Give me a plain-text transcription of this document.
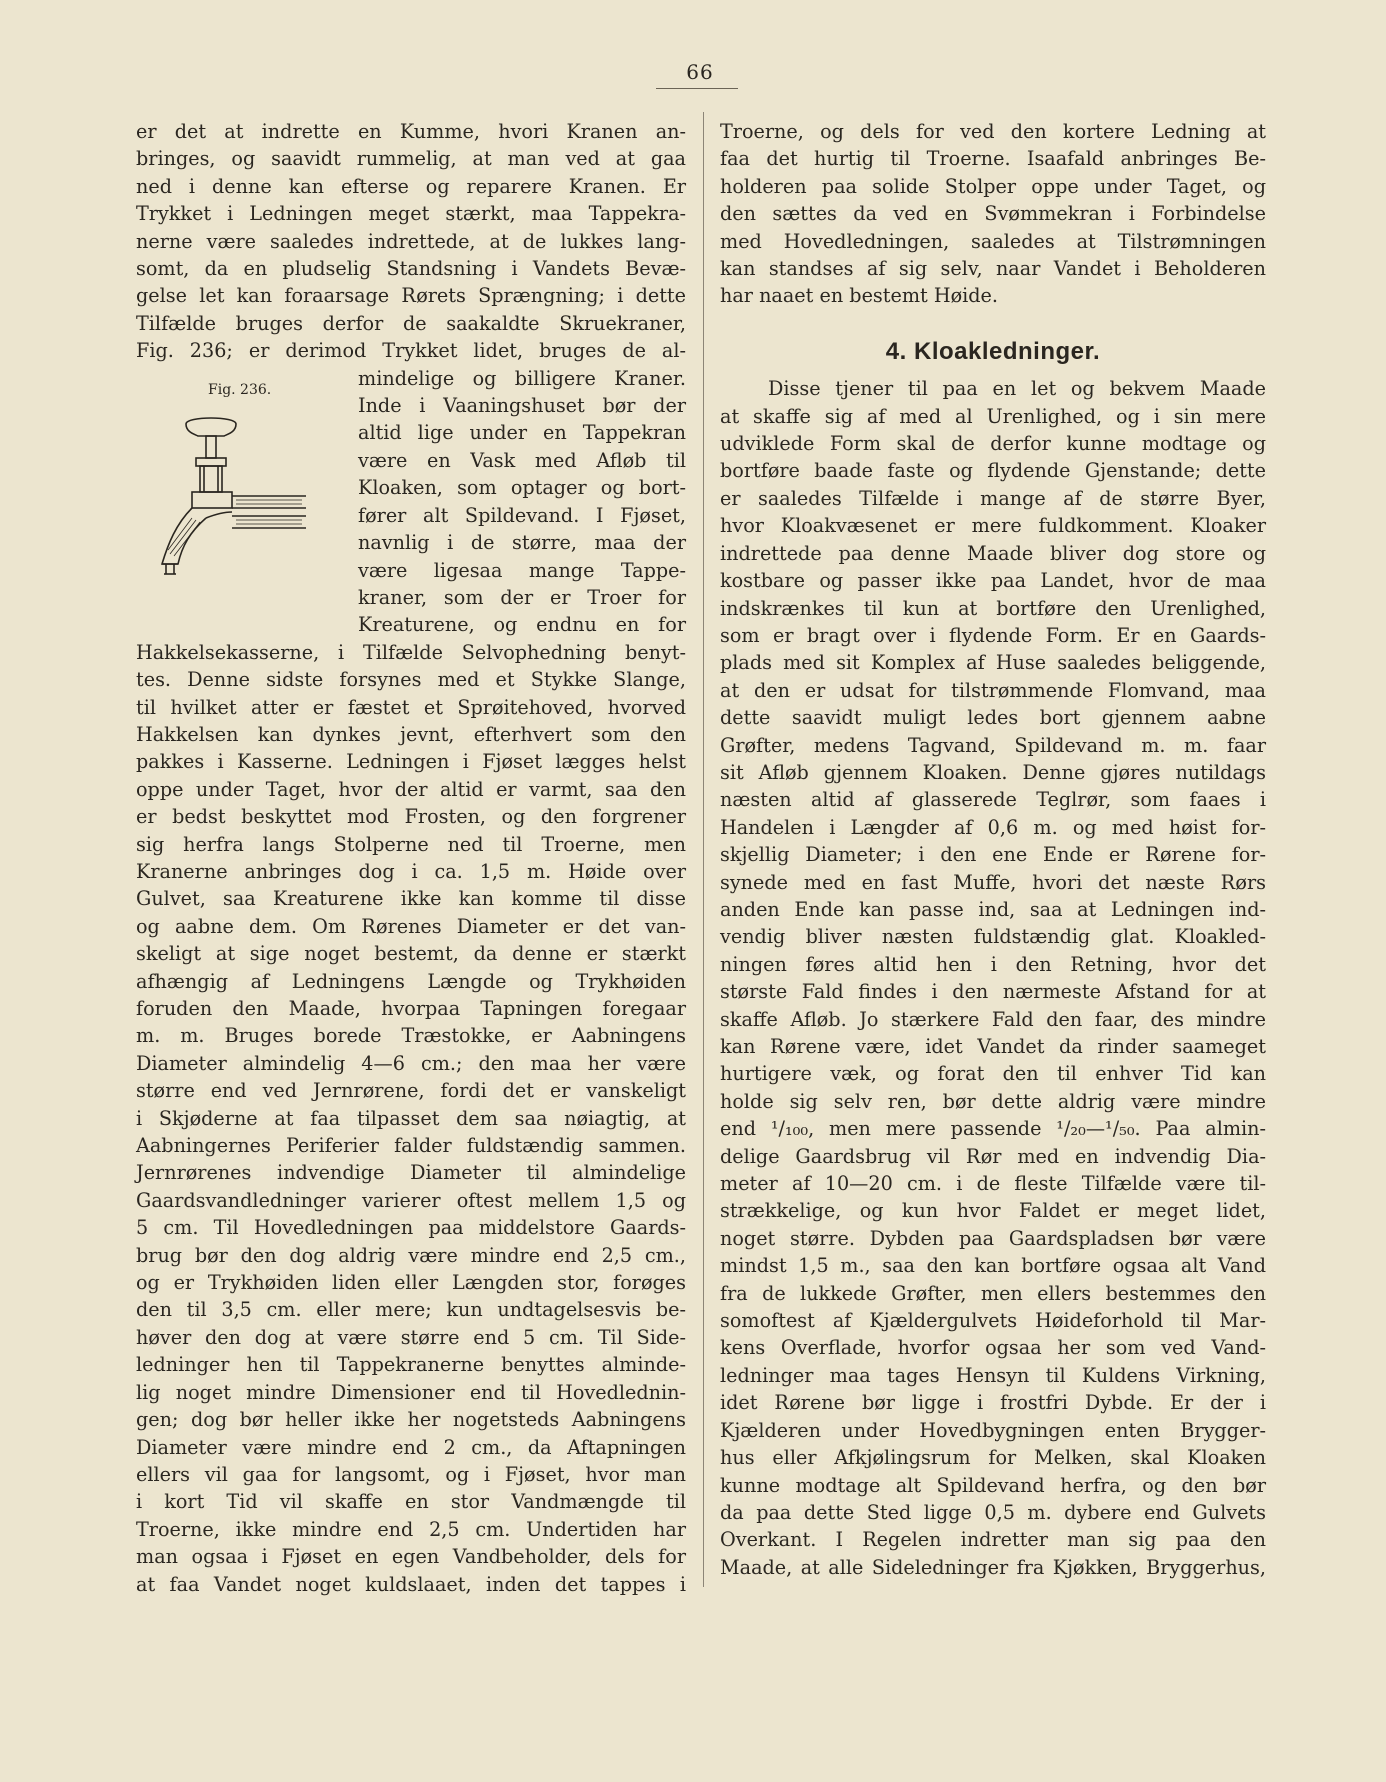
66
Fig. 236.
er det at indrette en Kumme, hvori Kranen an-
bringes, og saavidt rummelig, at man ved at gaa
ned i denne kan efterse og reparere Kranen. Er
Trykket i Ledningen meget stærkt, maa Tappekra-
nerne være saaledes indrettede, at de lukkes lang-
somt, da en pludselig Standsning i Vandets Bevæ-
gelse let kan foraarsage Rørets Sprængning; i dette
Tilfælde bruges derfor de saakaldte Skruekraner,
Fig. 236; er derimod Trykket lidet, bruges de al-
mindelige og billigere Kraner.
Inde i Vaaningshuset bør der
altid lige under en Tappekran
være en Vask med Afløb til
Kloaken, som optager og bort-
fører alt Spildevand. I Fjøset,
navnlig i de større, maa der
være ligesaa mange Tappe-
kraner, som der er Troer for
Kreaturene, og endnu en for
Hakkelsekasserne, i Tilfælde Selvophedning benyt-
tes. Denne sidste forsynes med et Stykke Slange,
til hvilket atter er fæstet et Sprøitehoved, hvorved
Hakkelsen kan dynkes jevnt, efterhvert som den
pakkes i Kasserne. Ledningen i Fjøset lægges helst
oppe under Taget, hvor der altid er varmt, saa den
er bedst beskyttet mod Frosten, og den forgrener
sig herfra langs Stolperne ned til Troerne, men
Kranerne anbringes dog i ca. 1,5 m. Høide over
Gulvet, saa Kreaturene ikke kan komme til disse
og aabne dem. Om Rørenes Diameter er det van-
skeligt at sige noget bestemt, da denne er stærkt
afhængig af Ledningens Længde og Trykhøiden
foruden den Maade, hvorpaa Tapningen foregaar
m. m. Bruges borede Træstokke, er Aabningens
Diameter almindelig 4—6 cm.; den maa her være
større end ved Jernrørene, fordi det er vanskeligt
i Skjøderne at faa tilpasset dem saa nøiagtig, at
Aabningernes Periferier falder fuldstændig sammen.
Jernrørenes indvendige Diameter til almindelige
Gaardsvandledninger varierer oftest mellem 1,5 og
5 cm. Til Hovedledningen paa middelstore Gaards-
brug bør den dog aldrig være mindre end 2,5 cm.,
og er Trykhøiden liden eller Længden stor, forøges
den til 3,5 cm. eller mere; kun undtagelsesvis be-
høver den dog at være større end 5 cm. Til Side-
ledninger hen til Tappekranerne benyttes alminde-
lig noget mindre Dimensioner end til Hovedlednin-
gen; dog bør heller ikke her nogetsteds Aabningens
Diameter være mindre end 2 cm., da Aftapningen
ellers vil gaa for langsomt, og i Fjøset, hvor man
i kort Tid vil skaffe en stor Vandmængde til
Troerne, ikke mindre end 2,5 cm. Undertiden har
man ogsaa i Fjøset en egen Vandbeholder, dels for
at faa Vandet noget kuldslaaet, inden det tappes i
Troerne, og dels for ved den kortere Ledning at
faa det hurtig til Troerne. Isaafald anbringes Be-
holderen paa solide Stolper oppe under Taget, og
den sættes da ved en Svømmekran i Forbindelse
med Hovedledningen, saaledes at Tilstrømningen
kan standses af sig selv, naar Vandet i Beholderen
har naaet en bestemt Høide.
4. Kloakledninger.
Disse tjener til paa en let og bekvem Maade
at skaffe sig af med al Urenlighed, og i sin mere
udviklede Form skal de derfor kunne modtage og
bortføre baade faste og flydende Gjenstande; dette
er saaledes Tilfælde i mange af de større Byer,
hvor Kloakvæsenet er mere fuldkomment. Kloaker
indrettede paa denne Maade bliver dog store og
kostbare og passer ikke paa Landet, hvor de maa
indskrænkes til kun at bortføre den Urenlighed,
som er bragt over i flydende Form. Er en Gaards-
plads med sit Komplex af Huse saaledes beliggende,
at den er udsat for tilstrømmende Flomvand, maa
dette saavidt muligt ledes bort gjennem aabne
Grøfter, medens Tagvand, Spildevand m. m. faar
sit Afløb gjennem Kloaken. Denne gjøres nutildags
næsten altid af glasserede Teglrør, som faaes i
Handelen i Længder af 0,6 m. og med høist for-
skjellig Diameter; i den ene Ende er Rørene for-
synede med en fast Muffe, hvori det næste Rørs
anden Ende kan passe ind, saa at Ledningen ind-
vendig bliver næsten fuldstændig glat. Kloakled-
ningen føres altid hen i den Retning, hvor det
største Fald findes i den nærmeste Afstand for at
skaffe Afløb. Jo stærkere Fald den faar, des mindre
kan Rørene være, idet Vandet da rinder saameget
hurtigere væk, og forat den til enhver Tid kan
holde sig selv ren, bør dette aldrig være mindre
end ¹/₁₀₀, men mere passende ¹/₂₀—¹/₅₀. Paa almin-
delige Gaardsbrug vil Rør med en indvendig Dia-
meter af 10—20 cm. i de fleste Tilfælde være til-
strækkelige, og kun hvor Faldet er meget lidet,
noget større. Dybden paa Gaardspladsen bør være
mindst 1,5 m., saa den kan bortføre ogsaa alt Vand
fra de lukkede Grøfter, men ellers bestemmes den
somoftest af Kjældergulvets Høideforhold til Mar-
kens Overflade, hvorfor ogsaa her som ved Vand-
ledninger maa tages Hensyn til Kuldens Virkning,
idet Rørene bør ligge i frostfri Dybde. Er der i
Kjælderen under Hovedbygningen enten Brygger-
hus eller Afkjølingsrum for Melken, skal Kloaken
kunne modtage alt Spildevand herfra, og den bør
da paa dette Sted ligge 0,5 m. dybere end Gulvets
Overkant. I Regelen indretter man sig paa den
Maade, at alle Sideledninger fra Kjøkken, Bryggerhus,
